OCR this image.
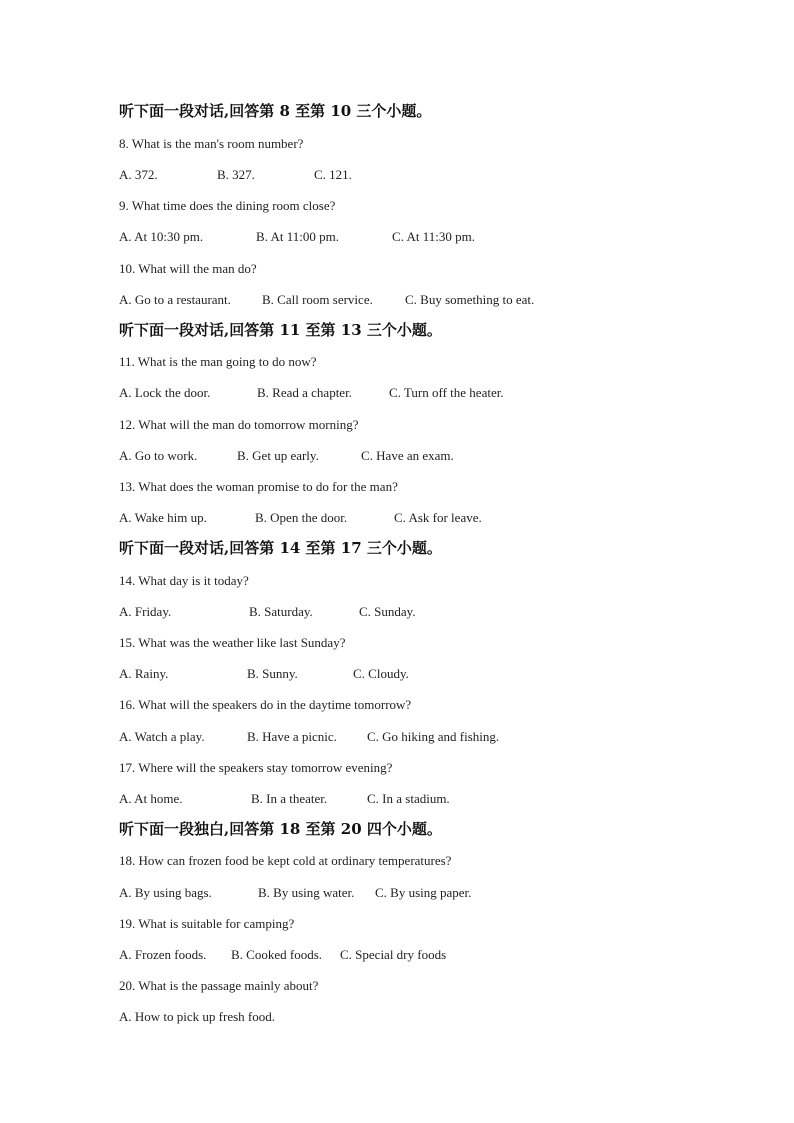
听下面一段对话,回答第 8 至第 10 三个小题。
8. What is the man's room number?
A. 372.	B. 327.	C. 121.
9. What time does the dining room close?
A. At 10:30 pm.	B. At 11:00 pm.	C. At 11:30 pm.
10. What will the man do?
A. Go to a restaurant. B. Call room service. C. Buy something to eat.
听下面一段对话,回答第 11 至第 13 三个小题。
11. What is the man going to do now?
A. Lock the door.	B. Read a chapter.	C. Turn off the heater.
12. What will the man do tomorrow morning?
A. Go to work.	B. Get up early.	C. Have an exam.
13. What does the woman promise to do for the man?
A. Wake him up.	B. Open the door.	C. Ask for leave.
听下面一段对话,回答第 14 至第 17 三个小题。
14. What day is it today?
A. Friday.	B. Saturday.	C. Sunday.
15. What was the weather like last Sunday?
A. Rainy.	B. Sunny.	C. Cloudy.
16. What will the speakers do in the daytime tomorrow?
A. Watch a play.	B. Have a picnic. C. Go hiking and fishing.
17. Where will the speakers stay tomorrow evening?
A. At home.	B. In a theater.	C. In a stadium.
听下面一段独白,回答第 18 至第 20 四个小题。
18. How can frozen food be kept cold at ordinary temperatures?
A. By using bags.	B. By using water. C. By using paper.
19. What is suitable for camping?
A. Frozen foods. B. Cooked foods. C. Special dry foods
20. What is the passage mainly about?
A. How to pick up fresh food.
